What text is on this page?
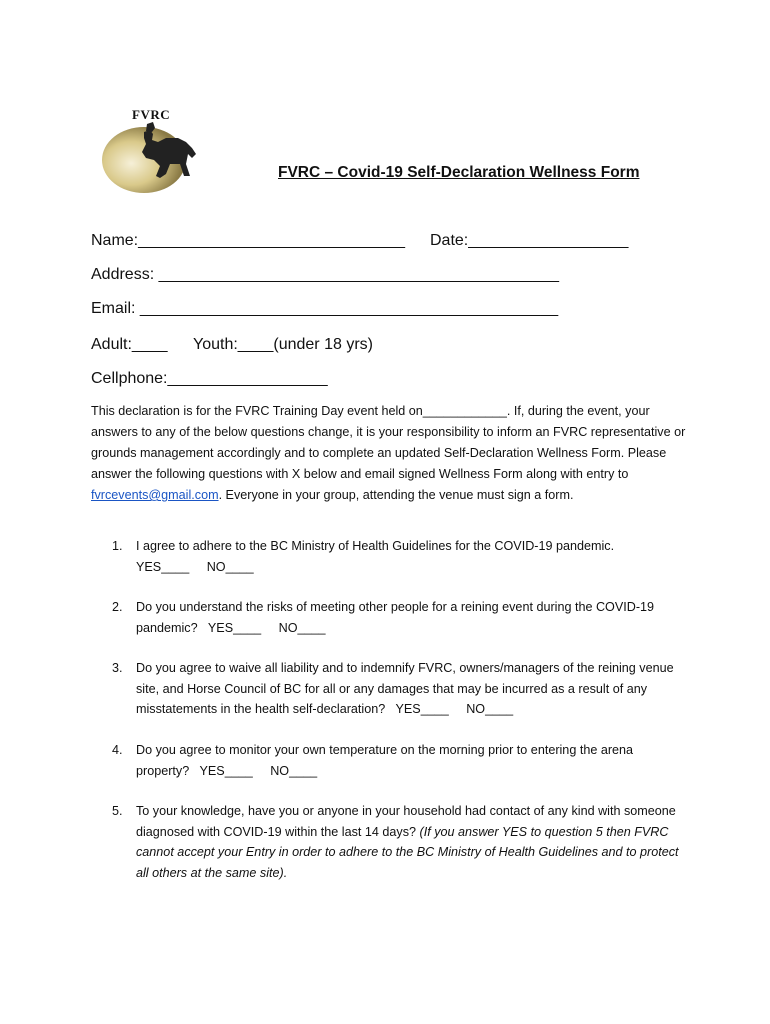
FVRC
FVRC – Covid-19 Self-Declaration Wellness Form
Name:______________________________ Date:__________________
Address: _____________________________________________
Email: _______________________________________________
Adult:____ Youth:____(under 18 yrs)
Cellphone:__________________
This declaration is for the FVRC Training Day event held on____________. If, during the event, your answers to any of the below questions change, it is your responsibility to inform an FVRC representative or grounds management accordingly and to complete an updated Self-Declaration Wellness Form. Please answer the following questions with X below and email signed Wellness Form along with entry to fvrcevents@gmail.com. Everyone in your group, attending the venue must sign a form.
1. I agree to adhere to the BC Ministry of Health Guidelines for the COVID-19 pandemic.
YES____     NO____
2. Do you understand the risks of meeting other people for a reining event during the COVID-19 pandemic?   YES____     NO____
3. Do you agree to waive all liability and to indemnify FVRC, owners/managers of the reining venue site, and Horse Council of BC for all or any damages that may be incurred as a result of any misstatements in the health self-declaration?   YES____     NO____
4. Do you agree to monitor your own temperature on the morning prior to entering the arena property?   YES____     NO____
5. To your knowledge, have you or anyone in your household had contact of any kind with someone diagnosed with COVID-19 within the last 14 days? (If you answer YES to question 5 then FVRC cannot accept your Entry in order to adhere to the BC Ministry of Health Guidelines and to protect all others at the same site).
